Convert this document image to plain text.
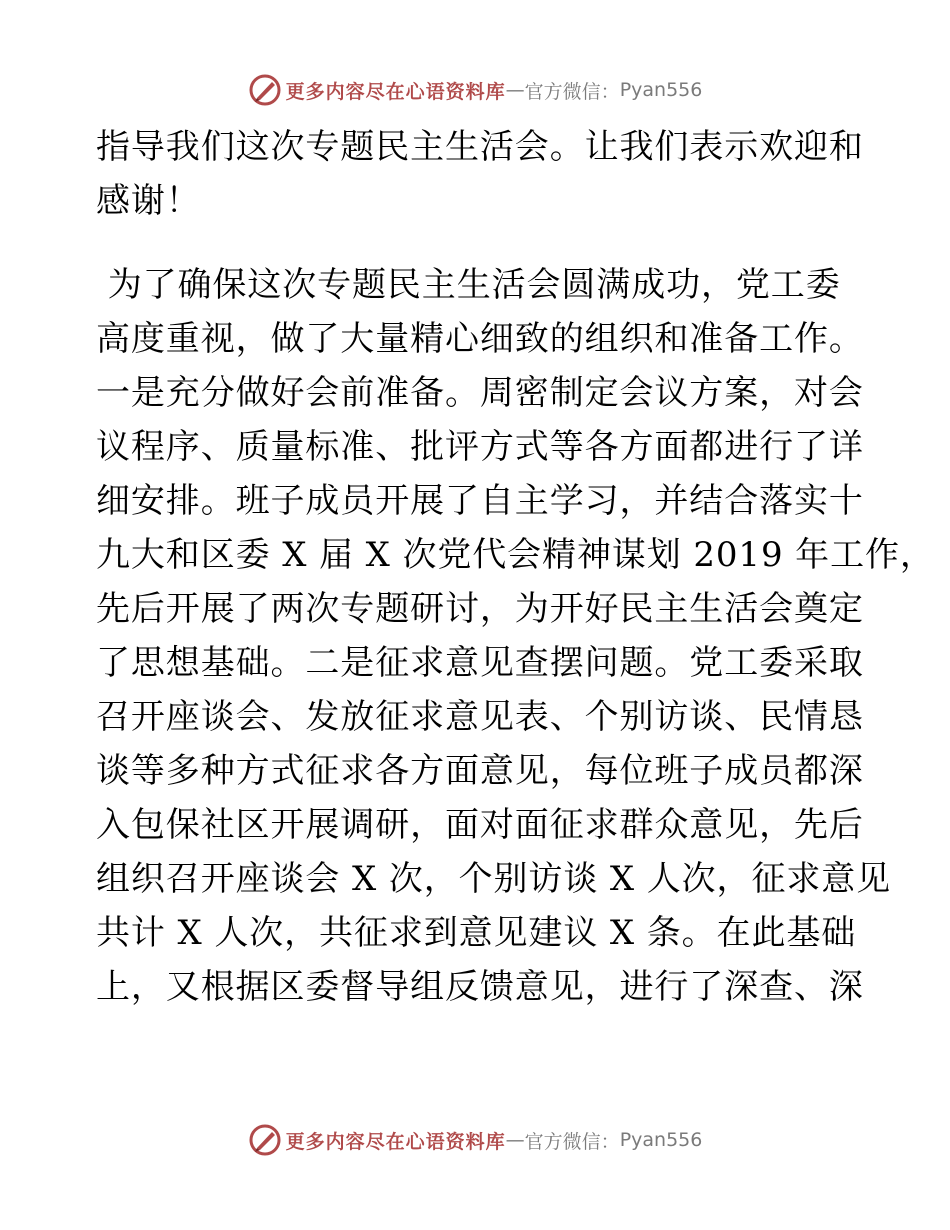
更多内容尽在心语资料库 — 官方微信： Pyan556
指导我们这次专题民主生活会。让我们表示欢迎和
感谢！
为了确保这次专题民主生活会圆满成功，党工委
高度重视，做了大量精心细致的组织和准备工作。
一是充分做好会前准备。周密制定会议方案，对会
议程序、质量标准、批评方式等各方面都进行了详
细安排。班子成员开展了自主学习，并结合落实十
九大和区委 X 届 X 次党代会精神谋划 2019 年工作，
先后开展了两次专题研讨，为开好民主生活会奠定
了思想基础。二是征求意见查摆问题。党工委采取
召开座谈会、发放征求意见表、个别访谈、民情恳
谈等多种方式征求各方面意见，每位班子成员都深
入包保社区开展调研，面对面征求群众意见，先后
组织召开座谈会 X 次，个别访谈 X 人次，征求意见
共计 X 人次，共征求到意见建议 X 条。在此基础
上，又根据区委督导组反馈意见，进行了深查、深
更多内容尽在心语资料库 — 官方微信： Pyan556
